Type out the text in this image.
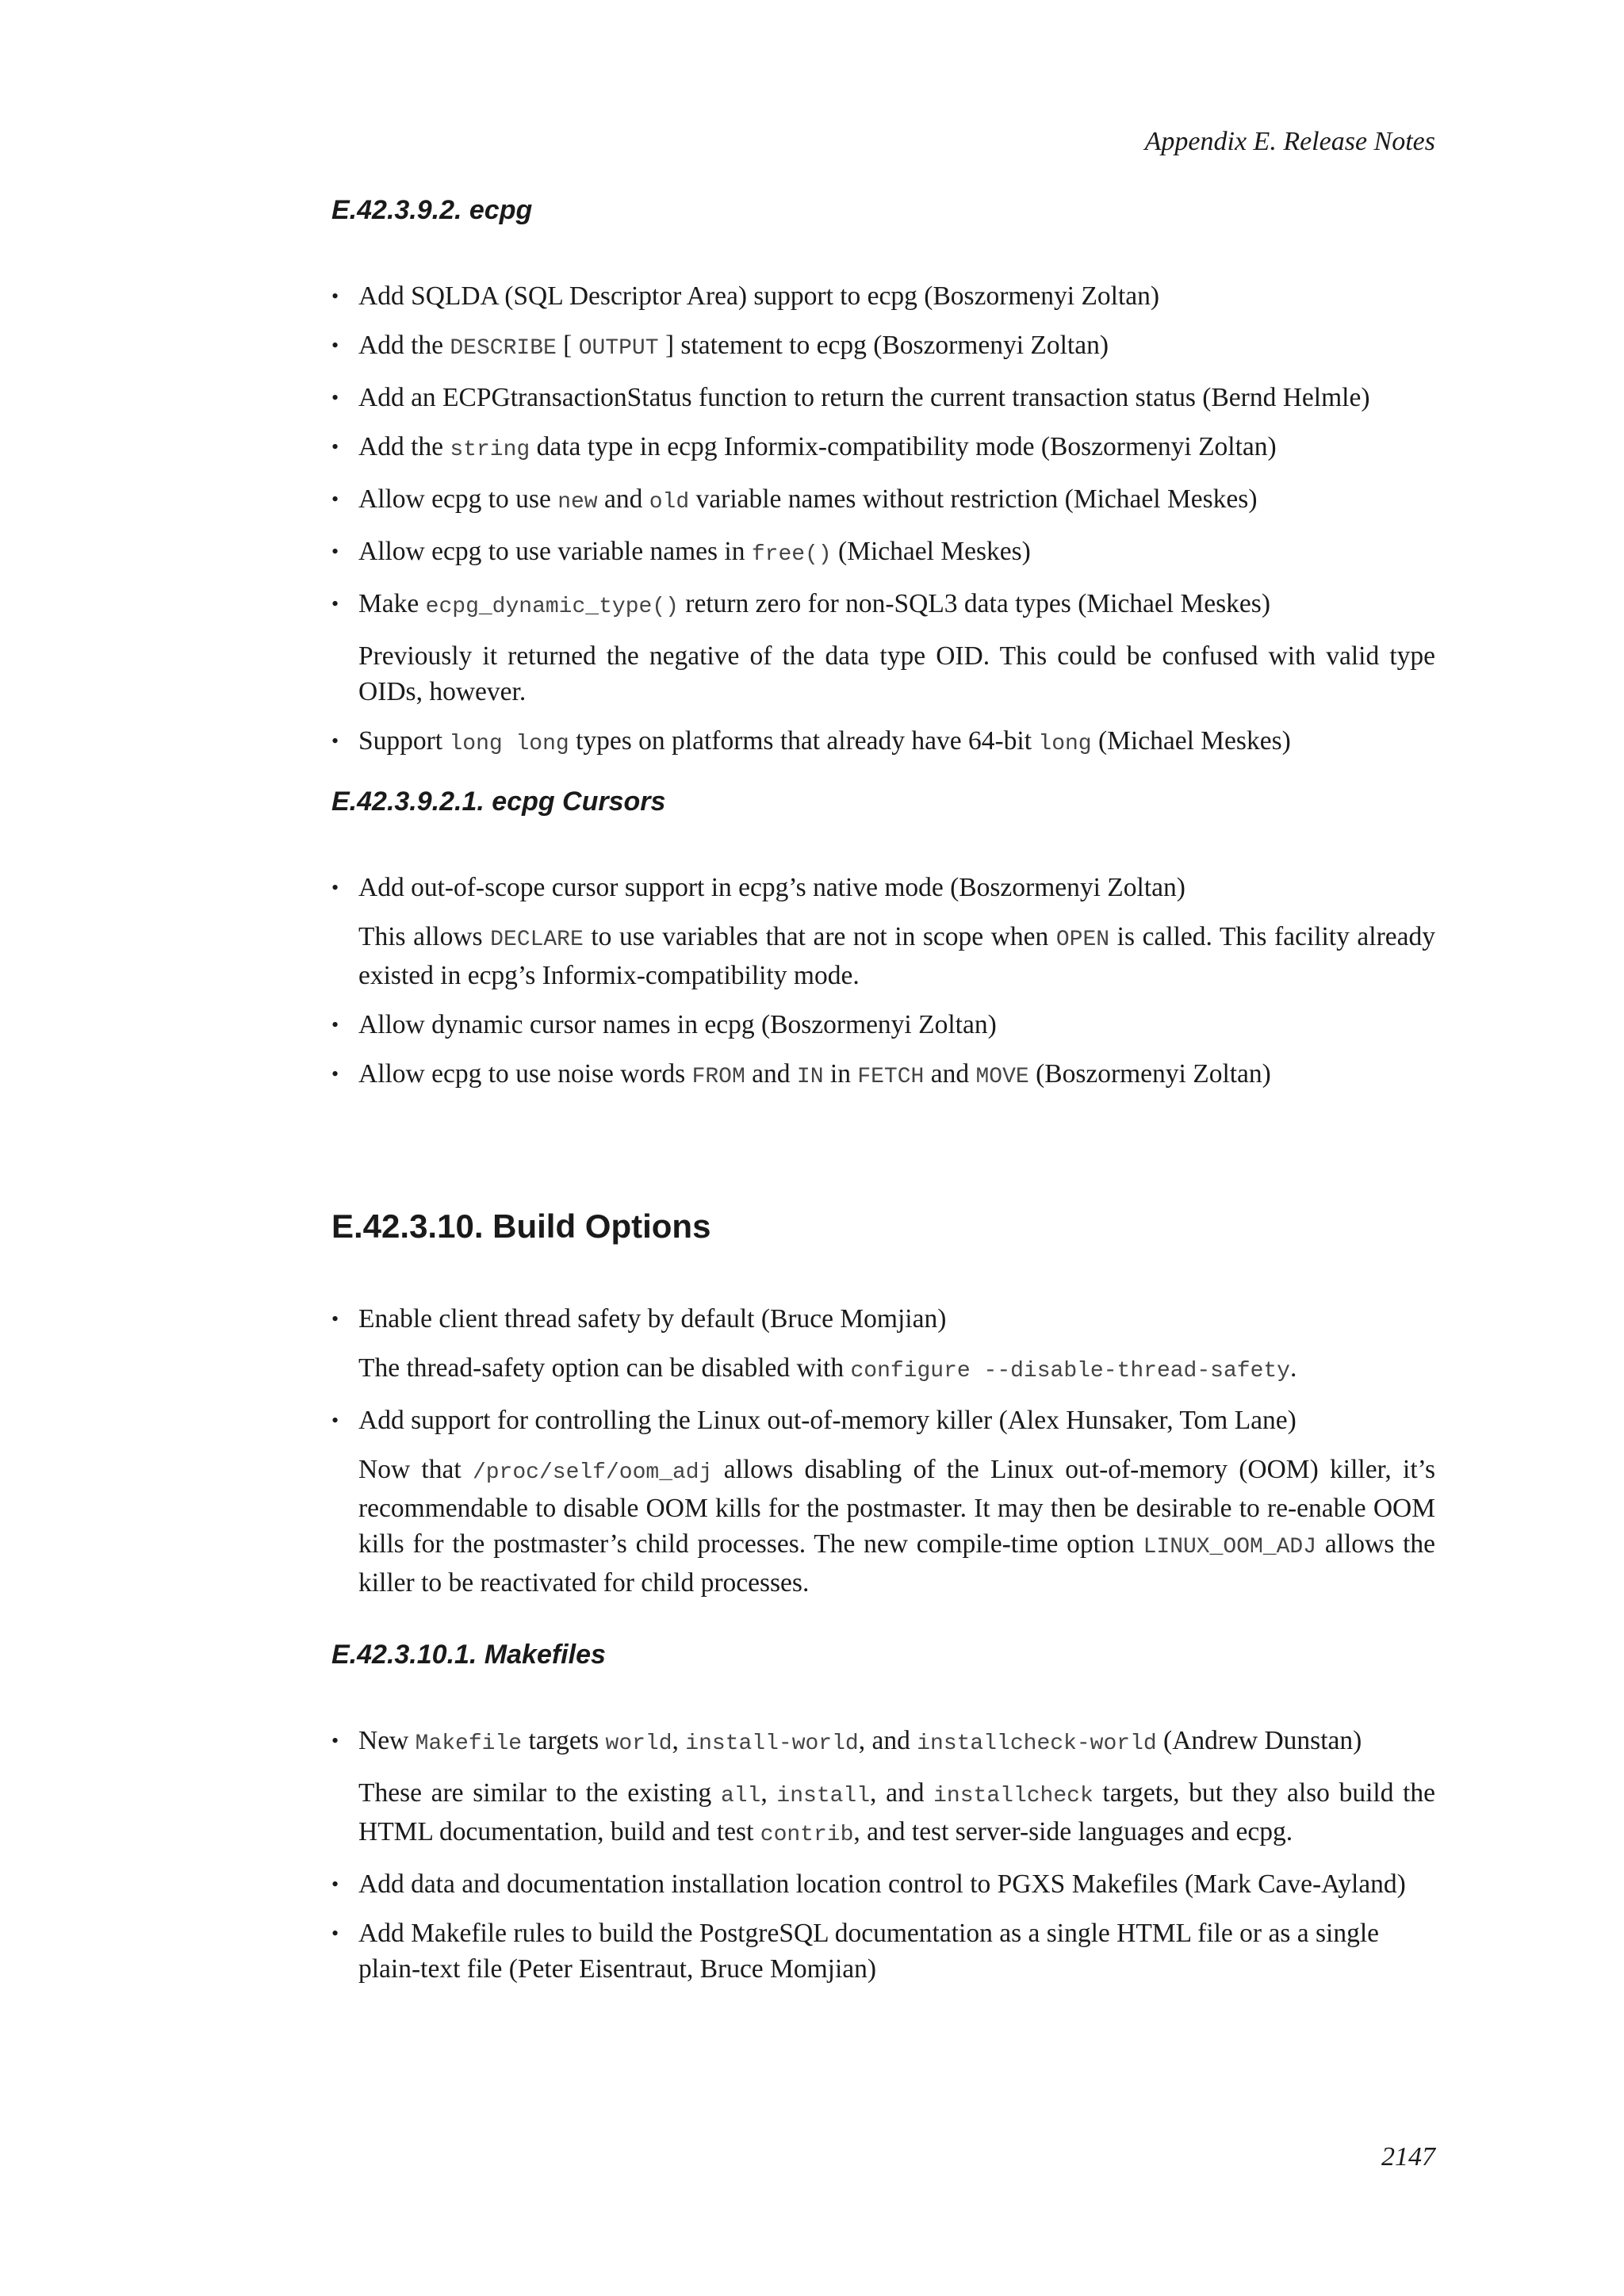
Appendix E. Release Notes
E.42.3.9.2. ecpg

• Add SQLDA (SQL Descriptor Area) support to ecpg (Boszormenyi Zoltan)

• Add the DESCRIBE [ OUTPUT ] statement to ecpg (Boszormenyi Zoltan)

• Add an ECPGtransactionStatus function to return the current transaction status (Bernd Helmle)

• Add the string data type in ecpg Informix-compatibility mode (Boszormenyi Zoltan)

• Allow ecpg to use new and old variable names without restriction (Michael Meskes)

• Allow ecpg to use variable names in free() (Michael Meskes)

• Make ecpg_dynamic_type() return zero for non-SQL3 data types (Michael Meskes)

Previously it returned the negative of the data type OID. This could be confused with valid type OIDs, however.

• Support long long types on platforms that already have 64-bit long (Michael Meskes)

E.42.3.9.2.1. ecpg Cursors

• Add out-of-scope cursor support in ecpg’s native mode (Boszormenyi Zoltan)

This allows DECLARE to use variables that are not in scope when OPEN is called. This facility already existed in ecpg’s Informix-compatibility mode.

• Allow dynamic cursor names in ecpg (Boszormenyi Zoltan)

• Allow ecpg to use noise words FROM and IN in FETCH and MOVE (Boszormenyi Zoltan)

E.42.3.10. Build Options

• Enable client thread safety by default (Bruce Momjian)

The thread-safety option can be disabled with configure --disable-thread-safety.

• Add support for controlling the Linux out-of-memory killer (Alex Hunsaker, Tom Lane)

Now that /proc/self/oom_adj allows disabling of the Linux out-of-memory (OOM) killer, it’s recommendable to disable OOM kills for the postmaster. It may then be desirable to re-enable OOM kills for the postmaster’s child processes. The new compile-time option LINUX_OOM_ADJ allows the killer to be reactivated for child processes.

E.42.3.10.1. Makefiles

• New Makefile targets world, install-world, and installcheck-world (Andrew Dunstan)

These are similar to the existing all, install, and installcheck targets, but they also build the HTML documentation, build and test contrib, and test server-side languages and ecpg.

• Add data and documentation installation location control to PGXS Makefiles (Mark Cave-Ayland)

• Add Makefile rules to build the PostgreSQL documentation as a single HTML file or as a single plain-text file (Peter Eisentraut, Bruce Momjian)

2147
